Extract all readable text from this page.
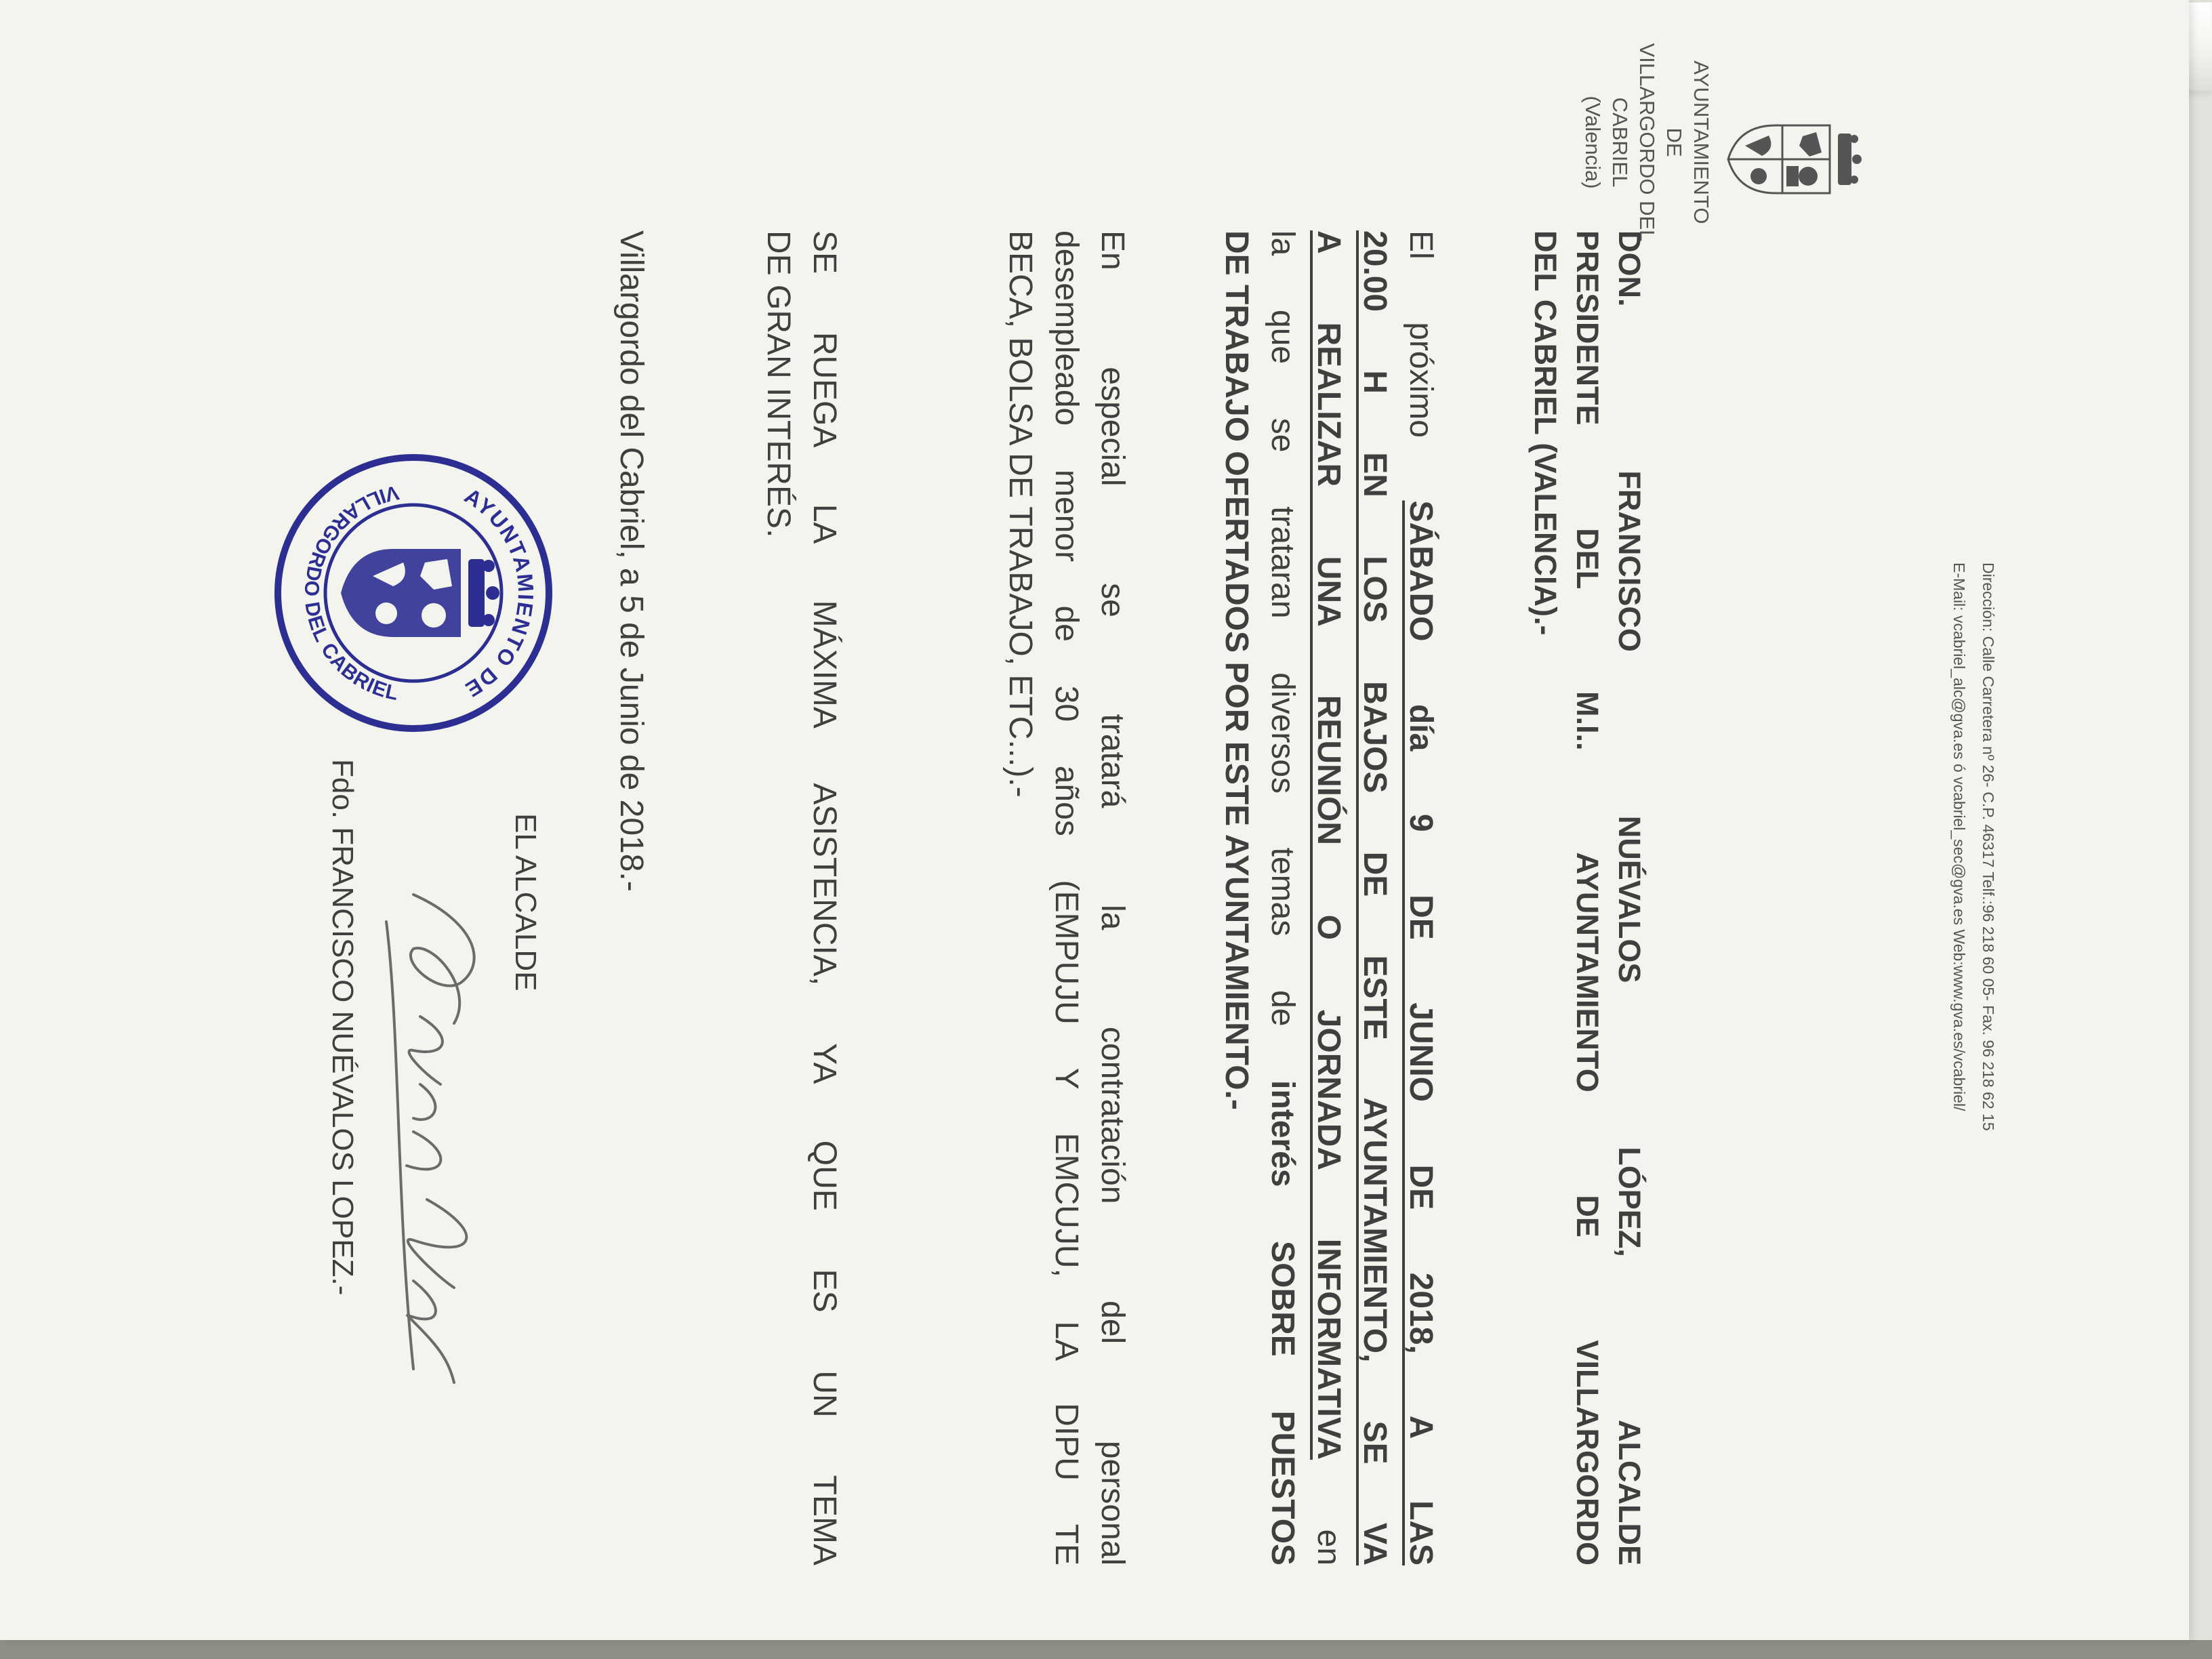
AYUNTAMIENTO
DE
VILLARGORDO DEL CABRIEL
(Valencia)
Dirección: Calle Carretera nº 26- C.P. 46317 Telf.:96 218 60 05- Fax. 96 218 62 15
E-Mail: vcabriel_alc@gva.es ó vcabriel_sec@gva.es Web:www.gva.es/vcabriel/
DON. FRANCISCO NUÉVALOS LÓPEZ, ALCALDE
PRESIDENTE DEL M.I.. AYUNTAMIENTO DE VILLARGORDO
DEL CABRIEL (VALENCIA).-
El próximo SÁBADO día 9 DE JUNIO DE 2018, A LAS
20.00 H EN LOS BAJOS DE ESTE AYUNTAMIENTO, SE VA
A REALIZAR UNA REUNIÓN O JORNADA INFORMATIVA en
la que se trataran diversos temas de interés SOBRE PUESTOS
DE TRABAJO OFERTADOS POR ESTE AYUNTAMIENTO.-
En especial se tratará la contratación del personal
desempleado menor de 30 años (EMPUJU Y EMCUJU, LA DIPU TE
BECA, BOLSA DE TRABAJO, ETC...).-
SE RUEGA LA MÁXIMA ASISTENCIA, YA QUE ES UN TEMA
DE GRAN INTERÉS.
Villargordo del Cabriel, a 5 de Junio de 2018.-
EL ALCALDE
AYUNTAMIENTO DE
VILLARGORDO DEL CABRIEL
Fdo. FRANCISCO NUÉVALOS LOPEZ.-
